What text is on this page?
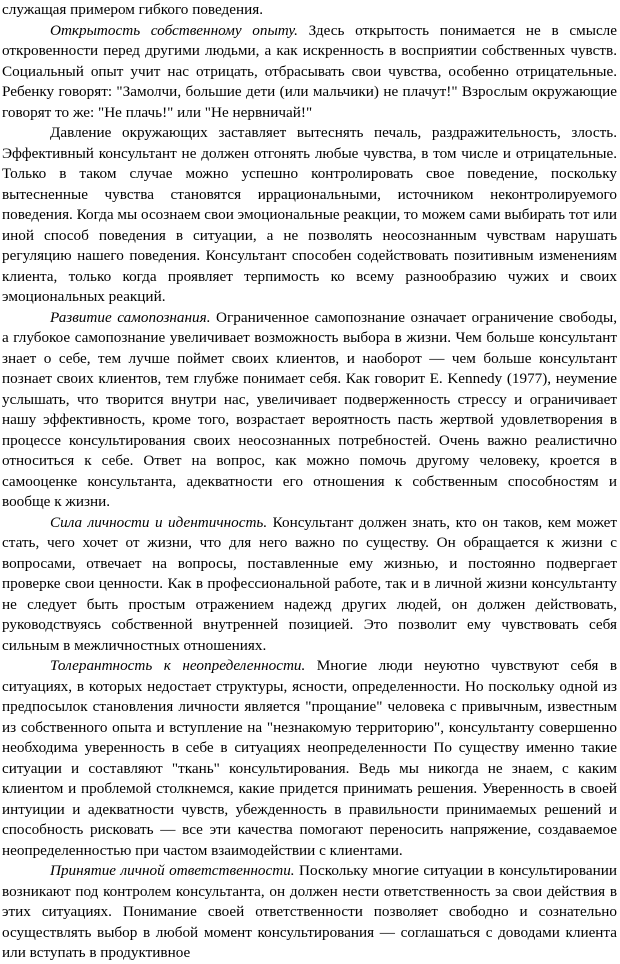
служащая примером гибкого поведения.

Открытость собственному опыту. Здесь открытость понимается не в смысле откровенности перед другими людьми, а как искренность в восприятии собственных чувств. Социальный опыт учит нас отрицать, отбрасывать свои чувства, особенно отрицательные. Ребенку говорят: "Замолчи, большие дети (или мальчики) не плачут!" Взрослым окружающие говорят то же: "Не плачь!" или "Не нервничай!"

Давление окружающих заставляет вытеснять печаль, раздражительность, злость. Эффективный консультант не должен отгонять любые чувства, в том числе и отрицательные. Только в таком случае можно успешно контролировать свое поведение, поскольку вытесненные чувства становятся иррациональными, источником неконтролируемого поведения. Когда мы осознаем свои эмоциональные реакции, то можем сами выбирать тот или иной способ поведения в ситуации, а не позволять неосознанным чувствам нарушать регуляцию нашего поведения. Консультант способен содействовать позитивным изменениям клиента, только когда проявляет терпимость ко всему разнообразию чужих и своих эмоциональных реакций.

Развитие самопознания. Ограниченное самопознание означает ограничение свободы, а глубокое самопознание увеличивает возможность выбора в жизни. Чем больше консультант знает о себе, тем лучше поймет своих клиентов, и наоборот — чем больше консультант познает своих клиентов, тем глубже понимает себя. Как говорит E. Kennedy (1977), неумение услышать, что творится внутри нас, увеличивает подверженность стрессу и ограничивает нашу эффективность, кроме того, возрастает вероятность пасть жертвой удовлетворения в процессе консультирования своих неосознанных потребностей. Очень важно реалистично относиться к себе. Ответ на вопрос, как можно помочь другому человеку, кроется в самооценке консультанта, адекватности его отношения к собственным способностям и вообще к жизни.

Сила личности и идентичность. Консультант должен знать, кто он таков, кем может стать, чего хочет от жизни, что для него важно по существу. Он обращается к жизни с вопросами, отвечает на вопросы, поставленные ему жизнью, и постоянно подвергает проверке свои ценности. Как в профессиональной работе, так и в личной жизни консультанту не следует быть простым отражением надежд других людей, он должен действовать, руководствуясь собственной внутренней позицией. Это позволит ему чувствовать себя сильным в межличностных отношениях.

Толерантность к неопределенности. Многие люди неуютно чувствуют себя в ситуациях, в которых недостает структуры, ясности, определенности. Но поскольку одной из предпосылок становления личности является "прощание" человека с привычным, известным из собственного опыта и вступление на "незнакомую территорию", консультанту совершенно необходима уверенность в себе в ситуациях неопределенности По существу именно такие ситуации и составляют "ткань" консультирования. Ведь мы никогда не знаем, с каким клиентом и проблемой столкнемся, какие придется принимать решения. Уверенность в своей интуиции и адекватности чувств, убежденность в правильности принимаемых решений и способность рисковать — все эти качества помогают переносить напряжение, создаваемое неопределенностью при частом взаимодействии с клиентами.

Принятие личной ответственности. Поскольку многие ситуации в консультировании возникают под контролем консультанта, он должен нести ответственность за свои действия в этих ситуациях. Понимание своей ответственности позволяет свободно и сознательно осуществлять выбор в любой момент консультирования — соглашаться с доводами клиента или вступать в продуктивное
